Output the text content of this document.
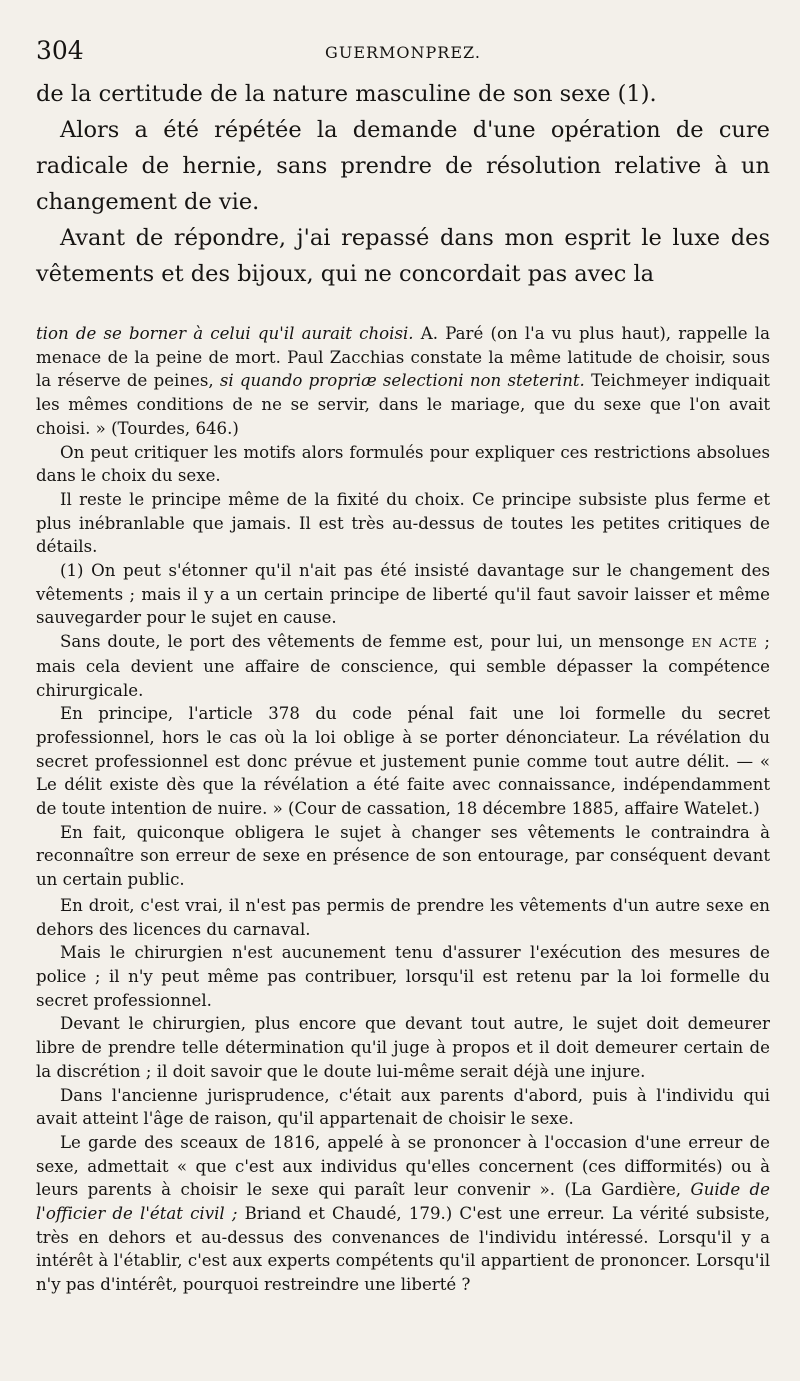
304	GUERMONPREZ.

de la certitude de la nature masculine de son sexe (1).

Alors a été répétée la demande d'une opération de cure radicale de hernie, sans prendre de résolution relative à un changement de vie.

Avant de répondre, j'ai repassé dans mon esprit le luxe des vêtements et des bijoux, qui ne concordait pas avec la

tion de se borner à celui qu'il aurait choisi. A. Paré (on l'a vu plus haut), rappelle la menace de la peine de mort. Paul Zacchias constate la même latitude de choisir, sous la réserve de peines, si quando propriæ selectioni non steterint. Teichmeyer indiquait les mêmes conditions de ne se servir, dans le mariage, que du sexe que l'on avait choisi. » (Tourdes, 646.)

On peut critiquer les motifs alors formulés pour expliquer ces restrictions absolues dans le choix du sexe.

Il reste le principe même de la fixité du choix. Ce principe subsiste plus ferme et plus inébranlable que jamais. Il est très au-dessus de toutes les petites critiques de détails.

(1) On peut s'étonner qu'il n'ait pas été insisté davantage sur le changement des vêtements ; mais il y a un certain principe de liberté qu'il faut savoir laisser et même sauvegarder pour le sujet en cause.

Sans doute, le port des vêtements de femme est, pour lui, un mensonge EN ACTE ; mais cela devient une affaire de conscience, qui semble dépasser la compétence chirurgicale.

En principe, l'article 378 du code pénal fait une loi formelle du secret professionnel, hors le cas où la loi oblige à se porter dénonciateur. La révélation du secret professionnel est donc prévue et justement punie comme tout autre délit. — « Le délit existe dès que la révélation a été faite avec connaissance, indépendamment de toute intention de nuire. » (Cour de cassation, 18 décembre 1885, affaire Watelet.)

En fait, quiconque obligera le sujet à changer ses vêtements le contraindra à reconnaître son erreur de sexe en présence de son entourage, par conséquent devant un certain public.

En droit, c'est vrai, il n'est pas permis de prendre les vêtements d'un autre sexe en dehors des licences du carnaval.

Mais le chirurgien n'est aucunement tenu d'assurer l'exécution des mesures de police ; il n'y peut même pas contribuer, lorsqu'il est retenu par la loi formelle du secret professionnel.

Devant le chirurgien, plus encore que devant tout autre, le sujet doit demeurer libre de prendre telle détermination qu'il juge à propos et il doit demeurer certain de la discrétion ; il doit savoir que le doute lui-même serait déjà une injure.

Dans l'ancienne jurisprudence, c'était aux parents d'abord, puis à l'individu qui avait atteint l'âge de raison, qu'il appartenait de choisir le sexe.

Le garde des sceaux de 1816, appelé à se prononcer à l'occasion d'une erreur de sexe, admettait « que c'est aux individus qu'elles concernent (ces difformités) ou à leurs parents à choisir le sexe qui paraît leur convenir ». (La Gardière, Guide de l'officier de l'état civil ; Briand et Chaudé, 179.) C'est une erreur. La vérité subsiste, très en dehors et au-dessus des convenances de l'individu intéressé. Lorsqu'il y a intérêt à l'établir, c'est aux experts compétents qu'il appartient de prononcer. Lorsqu'il n'y pas d'intérêt, pourquoi restreindre une liberté ?
